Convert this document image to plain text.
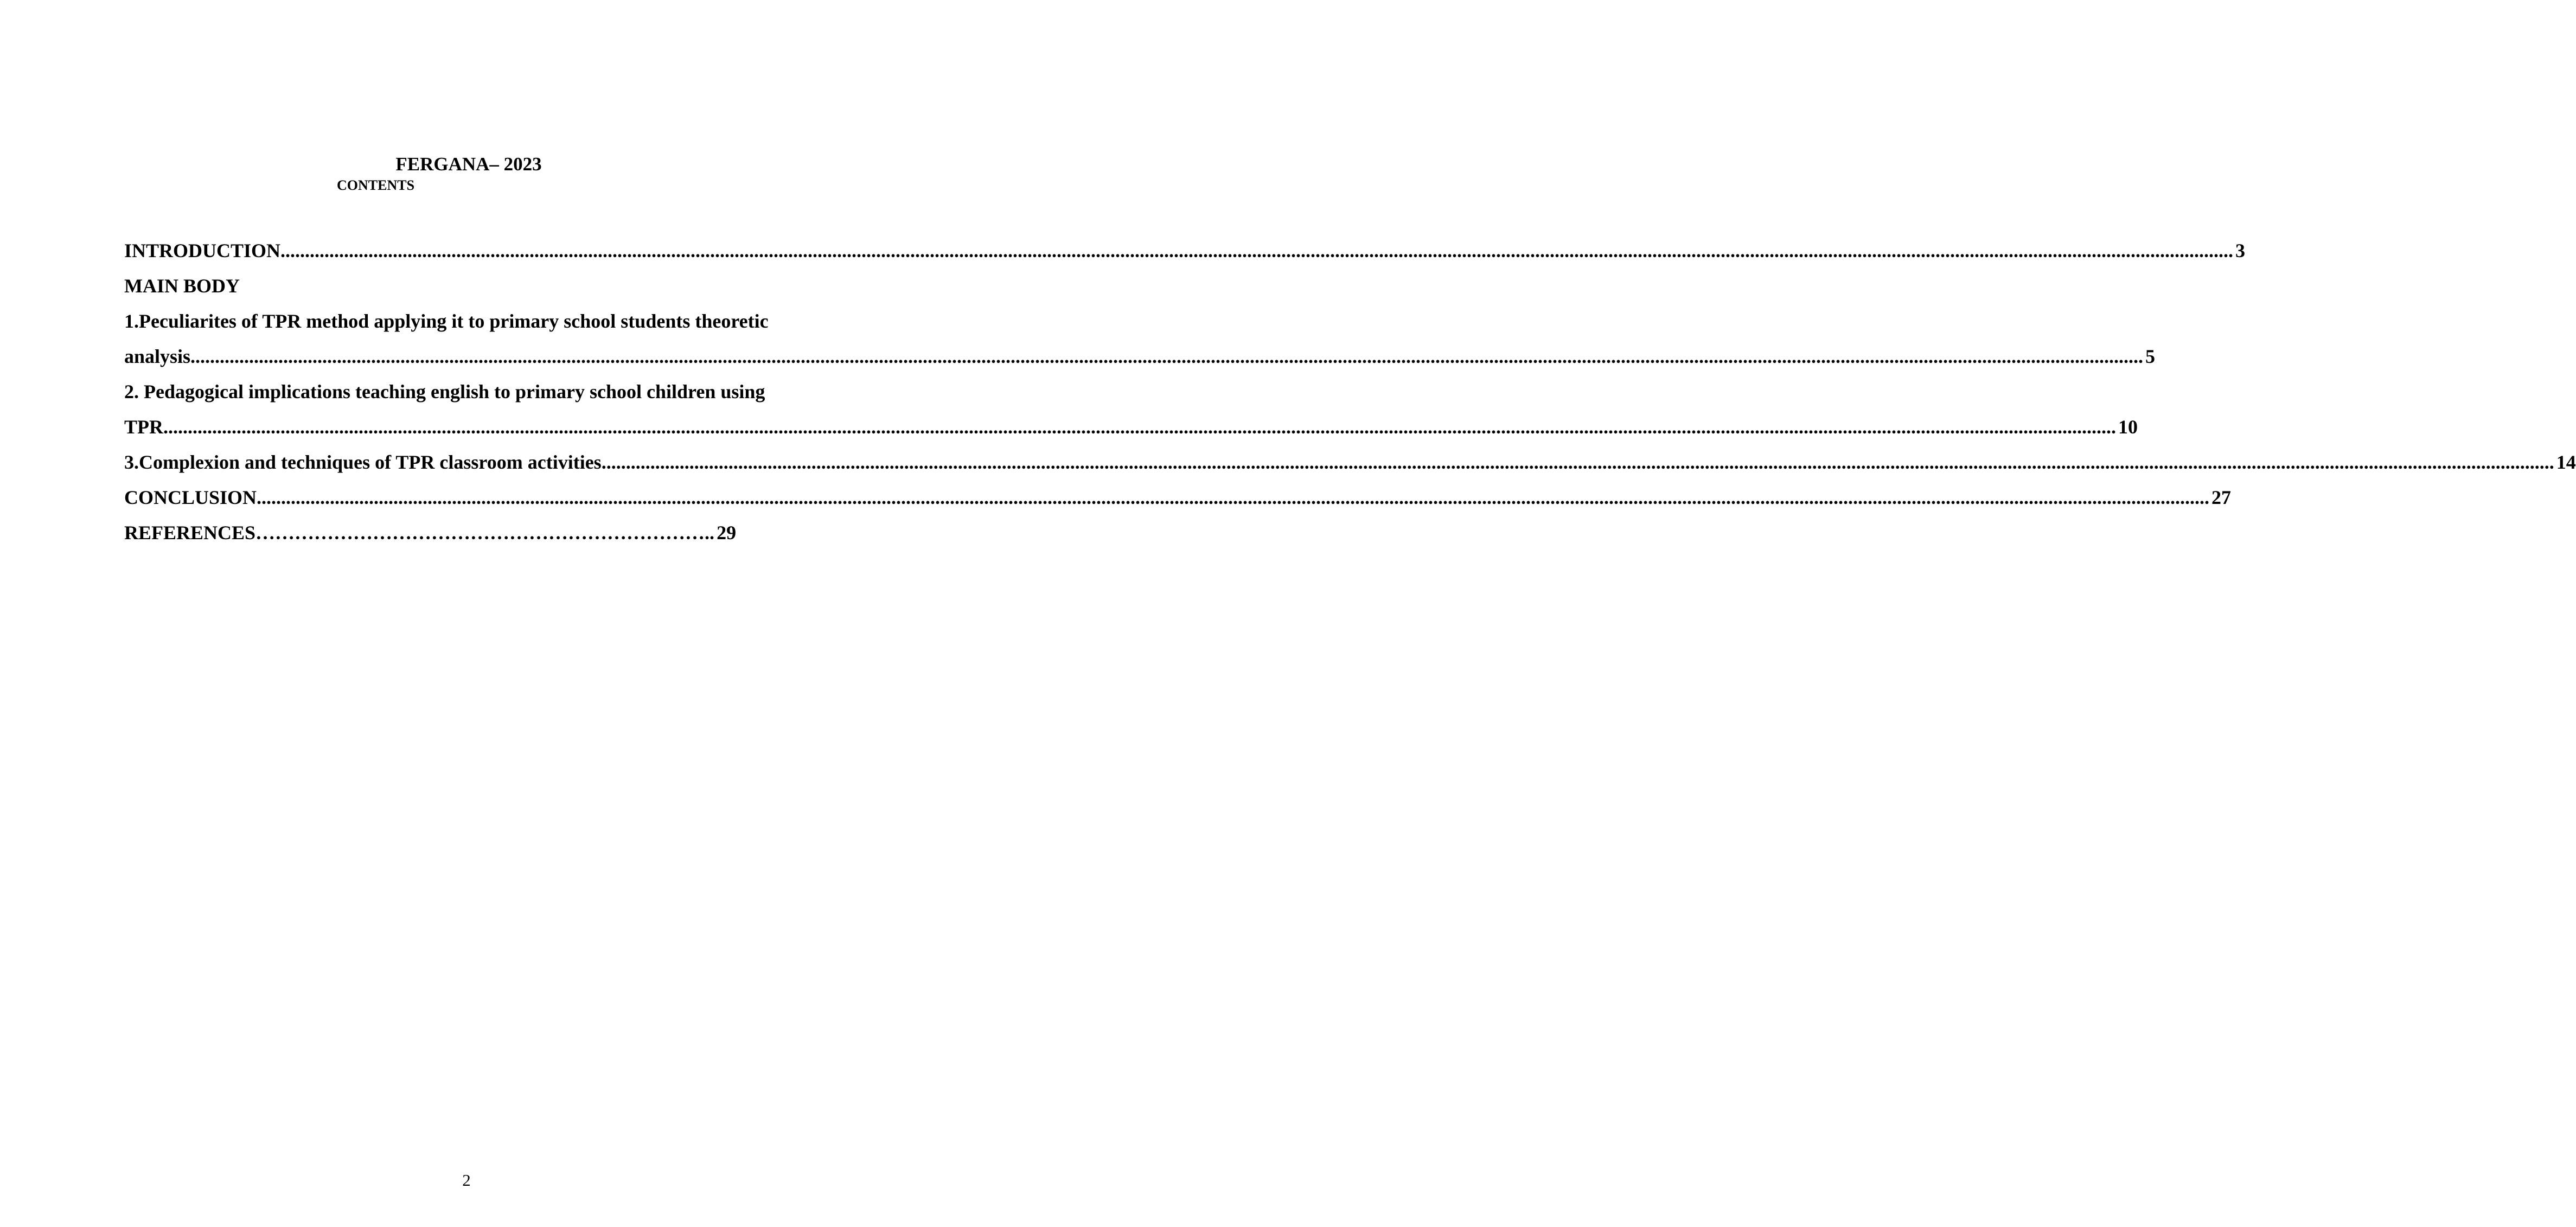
FERGANA– 2023
CONTENTS
INTRODUCTION ................................................................................................................................................................................................................................................................................................................................................................................................................ 3
MAIN BODY
1.Peculiarites of TPR method applying it to primary school students theoretic
analysis ................................................................................................................................................................................................................................................................................................................................................................................................................ 5
2. Pedagogical implications teaching english to primary school children using
TPR ................................................................................................................................................................................................................................................................................................................................................................................................................ 10
3.Complexion and techniques of TPR classroom activities ................................................................................................................................................................................................................................................................................................................................................................................................................ 14
CONCLUSION ................................................................................................................................................................................................................................................................................................................................................................................................................ 27
REFERENCES…………………………………………………………….. 29
2
